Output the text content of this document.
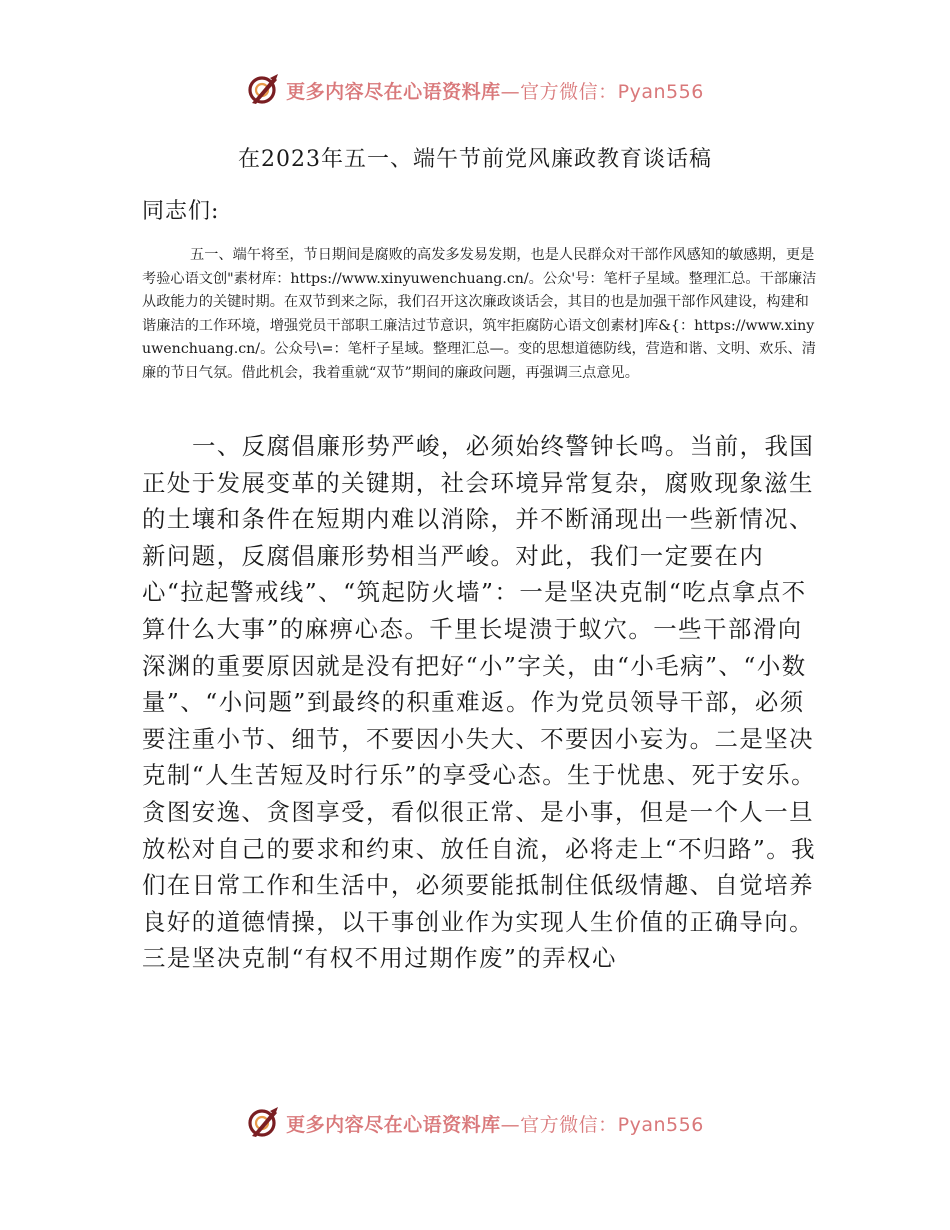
更多内容尽在心语资料库—官方微信：Pyan556
在2023年五一、端午节前党风廉政教育谈话稿
同志们:

五一、端午将至，节日期间是腐败的高发多发易发期，也是人民群众对干部作风感知的敏感期，更是考验心语文创"素材库：https://www.xinyuwenchuang.cn/。公众'号：笔杆子星域。整理汇总。干部廉洁从政能力的关键时期。在双节到来之际，我们召开这次廉政谈话会，其目的也是加强干部作风建设，构建和谐廉洁的工作环境，增强党员干部职工廉洁过节意识，筑牢拒腐防心语文创素材]库&{：https://www.xinyuwenchuang.cn/。公众号\=：笔杆子星域。整理汇总—。变的思想道德防线，营造和谐、文明、欢乐、清廉的节日气氛。借此机会，我着重就“双节”期间的廉政问题，再强调三点意见。

一、反腐倡廉形势严峻，必须始终警钟长鸣。当前，我国正处于发展变革的关键期，社会环境异常复杂，腐败现象滋生的土壤和条件在短期内难以消除，并不断涌现出一些新情况、新问题，反腐倡廉形势相当严峻。对此，我们一定要在内心“拉起警戒线”、“筑起防火墙”：一是坚决克制“吃点拿点不算什么大事”的麻痹心态。千里长堤溃于蚁穴。一些干部滑向深渊的重要原因就是没有把好“小”字关，由“小毛病”、“小数量”、“小问题”到最终的积重难返。作为党员领导干部，必须要注重小节、细节，不要因小失大、不要因小妄为。二是坚决克制“人生苦短及时行乐”的享受心态。生于忧患、死于安乐。贪图安逸、贪图享受，看似很正常、是小事，但是一个人一旦放松对自己的要求和约束、放任自流，必将走上“不归路”。我们在日常工作和生活中，必须要能抵制住低级情趣、自觉培养良好的道德情操，以干事创业作为实现人生价值的正确导向。三是坚决克制“有权不用过期作废”的弄权心

更多内容尽在心语资料库—官方微信：Pyan556
